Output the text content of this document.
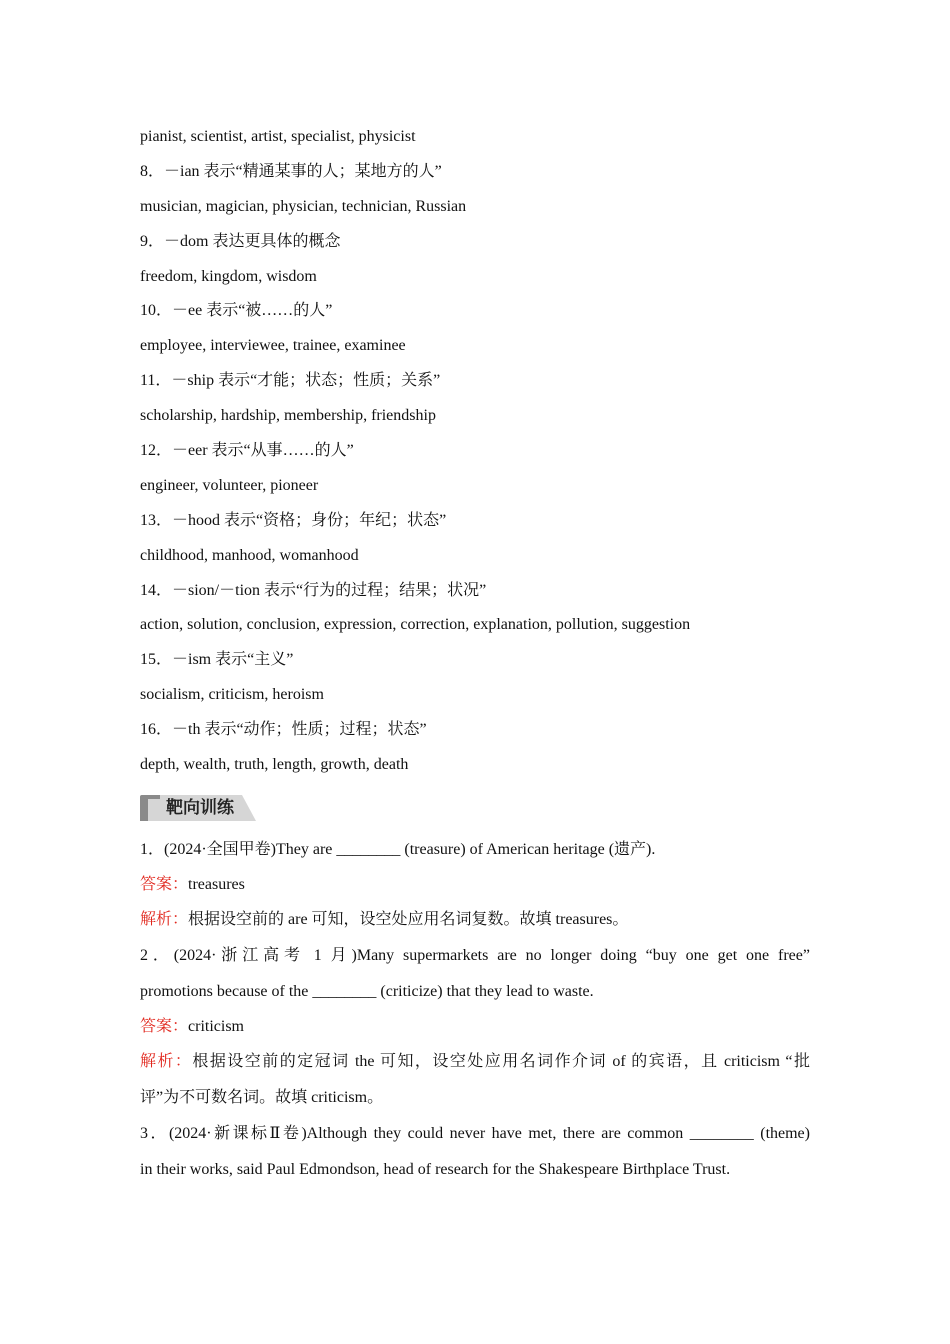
pianist, scientist, artist, specialist, physicist
8．－ian 表示“精通某事的人；某地方的人”
musician, magician, physician, technician, Russian
9．－dom 表达更具体的概念
freedom, kingdom, wisdom
10．－ee 表示“被……的人”
employee, interviewee, trainee, examinee
11．－ship 表示“才能；状态；性质；关系”
scholarship, hardship, membership, friendship
12．－eer 表示“从事……的人”
engineer, volunteer, pioneer
13．－hood 表示“资格；身份；年纪；状态”
childhood, manhood, womanhood
14．－sion/－tion 表示“行为的过程；结果；状况”
action, solution, conclusion, expression, correction, explanation, pollution, suggestion
15．－ism 表示“主义”
socialism, criticism, heroism
16．－th 表示“动作；性质；过程；状态”
depth, wealth, truth, length, growth, death
靶向训练
1．(2024·全国甲卷)They are ________ (treasure) of American heritage (遗产).
答案：treasures
解析：根据设空前的 are 可知，设空处应用名词复数。故填 treasures。
2．(2024·浙江高考 1 月)Many supermarkets are no longer doing “buy one get one free”
promotions because of the ________ (criticize) that they lead to waste.
答案：criticism
解析：根据设空前的定冠词 the 可知，设空处应用名词作介词 of 的宾语，且 criticism “批
评”为不可数名词。故填 criticism。
3．(2024·新课标Ⅱ卷)Although they could never have met, there are common ________ (theme)
in their works, said Paul Edmondson, head of research for the Shakespeare Birthplace Trust.
